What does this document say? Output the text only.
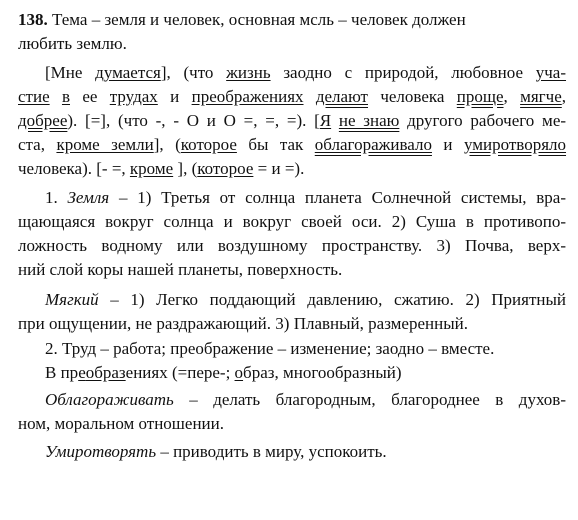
138. Тема – земля и человек, основная мсль – человек должен

любить землю.

[Мне думается], (что жизнь заодно с природой, любовное уча-

стие в ее трудах и преображениях делают человека проще, мягче,

добрее). [=], (что -, - О и О =, =, =). [Я не знаю другого рабочего ме-

ста, кроме земли], (которое бы так облагораживало и умиротворяло

человека). [- =, кроме ], (которое = и =).

1. Земля – 1) Третья от солнца планета Солнечной системы, вра-

щающаяся вокруг солнца и вокруг своей оси. 2) Суша в противопо-

ложность водному или воздушному пространству. 3) Почва, верх-

ний слой коры нашей планеты, поверхность.

Мягкий – 1) Легко поддающий давлению, сжатию. 2) Приятный

при ощущении, не раздражающий. 3) Плавный, размеренный.

2. Труд – работа; преображение – изменение; заодно – вместе.

В преобразениях (=пере-; образ, многообразный)

Облагораживать – делать благородным, благороднее в духов-

ном, моральном отношении.

Умиротворять – приводить в миру, успокоить.
